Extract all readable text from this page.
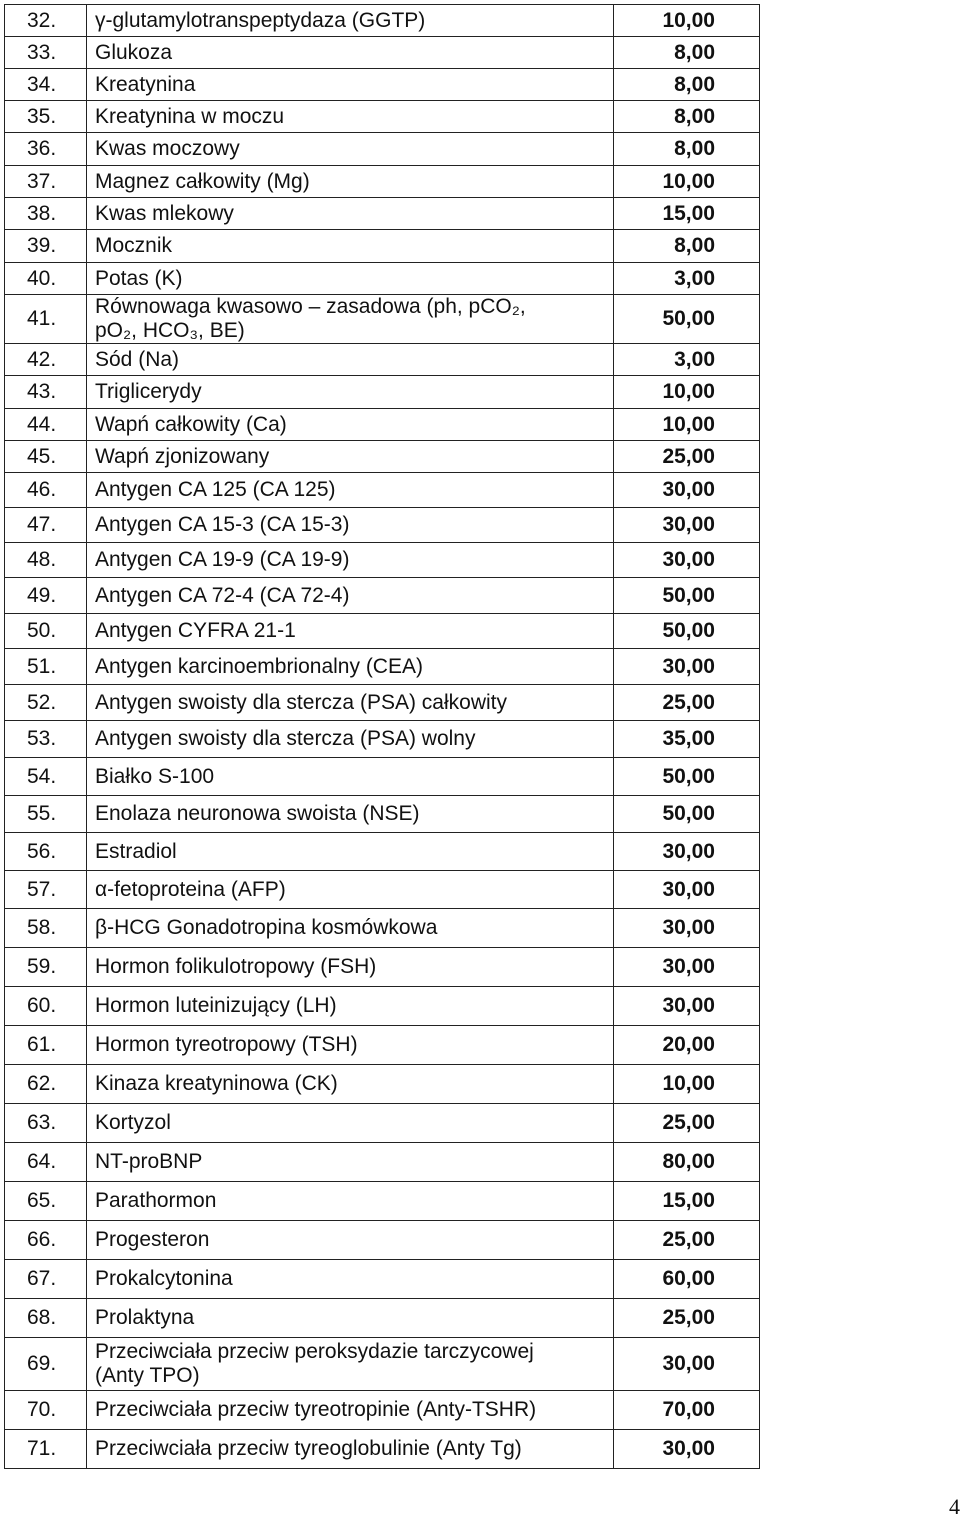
32.	γ-glutamylotranspeptydaza (GGTP)	10,00
33.	Glukoza	8,00
34.	Kreatynina	8,00
35.	Kreatynina w moczu	8,00
36.	Kwas moczowy	8,00
37.	Magnez całkowity (Mg)	10,00
38.	Kwas mlekowy	15,00
39.	Mocznik	8,00
40.	Potas (K)	3,00
41.	Równowaga kwasowo – zasadowa (ph, pCO₂,
pO₂, HCO₃, BE)	50,00
42.	Sód (Na)	3,00
43.	Triglicerydy	10,00
44.	Wapń całkowity (Ca)	10,00
45.	Wapń zjonizowany	25,00
46.	Antygen CA 125 (CA 125)	30,00
47.	Antygen CA 15-3 (CA 15-3)	30,00
48.	Antygen CA 19-9 (CA 19-9)	30,00
49.	Antygen CA 72-4 (CA 72-4)	50,00
50.	Antygen CYFRA 21-1	50,00
51.	Antygen karcinoembrionalny (CEA)	30,00
52.	Antygen swoisty dla stercza (PSA) całkowity	25,00
53.	Antygen swoisty dla stercza (PSA) wolny	35,00
54.	Białko S-100	50,00
55.	Enolaza neuronowa swoista (NSE)	50,00
56.	Estradiol	30,00
57.	α-fetoproteina (AFP)	30,00
58.	β-HCG Gonadotropina kosmówkowa	30,00
59.	Hormon folikulotropowy (FSH)	30,00
60.	Hormon luteinizujący (LH)	30,00
61.	Hormon tyreotropowy (TSH)	20,00
62.	Kinaza kreatyninowa (CK)	10,00
63.	Kortyzol	25,00
64.	NT-proBNP	80,00
65.	Parathormon	15,00
66.	Progesteron	25,00
67.	Prokalcytonina	60,00
68.	Prolaktyna	25,00
69.	Przeciwciała przeciw peroksydazie tarczycowej
(Anty TPO)	30,00
70.	Przeciwciała przeciw tyreotropinie (Anty-TSHR)	70,00
71.	Przeciwciała przeciw tyreoglobulinie (Anty Tg)	30,00
4
